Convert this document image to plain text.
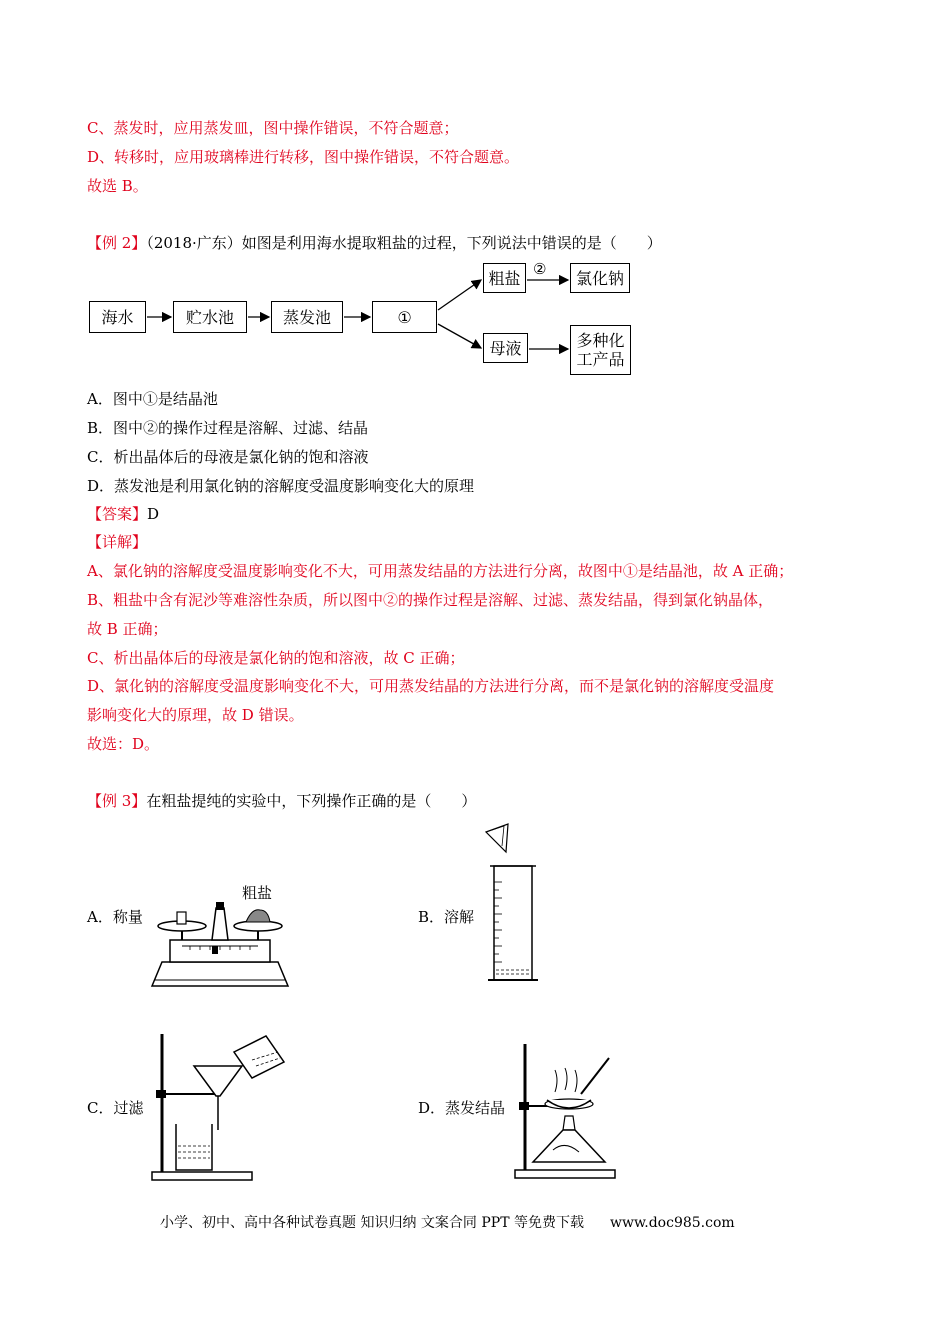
C、蒸发时，应用蒸发皿，图中操作错误，不符合题意；
D、转移时，应用玻璃棒进行转移，图中操作错误，不符合题意。
故选 B。
【例 2】（2018·广东）如图是利用海水提取粗盐的过程，下列说法中错误的是（　　）
海水	贮水池	蒸发池	①
粗盐	氯化钠
母液	多种化工产品
②
A．图中①是结晶池
B．图中②的操作过程是溶解、过滤、结晶
C．析出晶体后的母液是氯化钠的饱和溶液
D．蒸发池是利用氯化钠的溶解度受温度影响变化大的原理
【答案】D
【详解】
A、氯化钠的溶解度受温度影响变化不大，可用蒸发结晶的方法进行分离，故图中①是结晶池，故 A 正确；
B、粗盐中含有泥沙等难溶性杂质，所以图中②的操作过程是溶解、过滤、蒸发结晶，得到氯化钠晶体，
故 B 正确；
C、析出晶体后的母液是氯化钠的饱和溶液，故 C 正确；
D、氯化钠的溶解度受温度影响变化不大，可用蒸发结晶的方法进行分离，而不是氯化钠的溶解度受温度
影响变化大的原理，故 D 错误。
故选：D。
【例 3】在粗盐提纯的实验中，下列操作正确的是（　　）
A．称量	B．溶解
C．过滤	D．蒸发结晶
粗盐
小学、初中、高中各种试卷真题 知识归纳 文案合同 PPT 等免费下载 www.doc985.com
